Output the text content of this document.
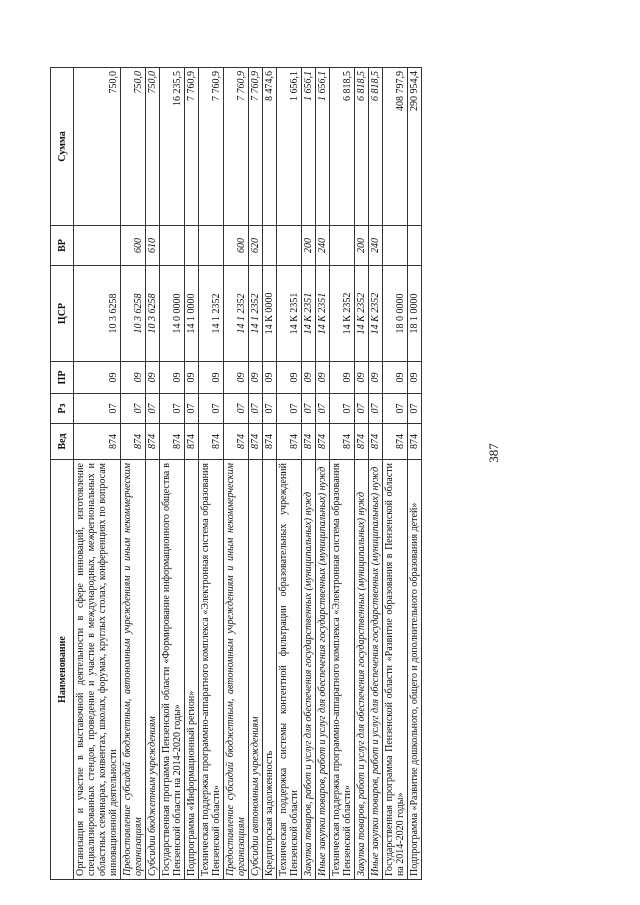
387
Наименование	Вед	Рз	ПР	ЦСР	ВР	Сумма
Организация и участие в выставочной деятельности в сфере инноваций, изготовление специализированных стендов, проведение и участие в международных, межрегиональных и областных семинарах, конвентах, школах, форумах, круглых столах, конференциях по вопросам инновационной деятельности	874	07	09	10 3 6258		750,0
Предоставление субсидий бюджетным, автономным учреждениям и иным некоммерческим организациям	874	07	09	10 3 6258	600	750,0
Субсидии бюджетным учреждениям	874	07	09	10 3 6258	610	750,0
Государственная программа Пензенской области «Формирование информационного общества в Пензенской области на 2014-2020 годы»	874	07	09	14 0 0000		16 235,5
Подпрограмма «Информационный регион»	874	07	09	14 1 0000		7 760,9
Техническая поддержка программно-аппаратного комплекса «Электронная система образования Пензенской области»	874	07	09	14 1 2352		7 760,9
Предоставление субсидий бюджетным, автономным учреждениям и иным некоммерческим организациям	874	07	09	14 1 2352	600	7 760,9
Субсидии автономным учреждениям	874	07	09	14 1 2352	620	7 760,9
Кредиторская задолженность	874	07	09	14 К 0000		8 474,6
Техническая поддержка системы контентной фильтрации образовательных учреждений Пензенской области	874	07	09	14 К 2351		1 656,1
Закупка товаров, работ и услуг для обеспечения государственных (муниципальных) нужд	874	07	09	14 К 2351	200	1 656,1
Иные закупки товаров, работ и услуг для обеспечения государственных (муниципальных) нужд	874	07	09	14 К 2351	240	1 656,1
Техническая поддержка программно-аппаратного комплекса «Электронная система образования Пензенской области»	874	07	09	14 К 2352		6 818,5
Закупка товаров, работ и услуг для обеспечения государственных (муниципальных) нужд	874	07	09	14 К 2352	200	6 818,5
Иные закупки товаров, работ и услуг для обеспечения государственных (муниципальных) нужд	874	07	09	14 К 2352	240	6 818,5
Государственная программа Пензенской области «Развитие образования в Пензенской области на 2014-2020 годы»	874	07	09	18 0 0000		408 797,9
Подпрограмма «Развитие дошкольного, общего и дополнительного образования детей»	874	07	09	18 1 0000		290 954,4
